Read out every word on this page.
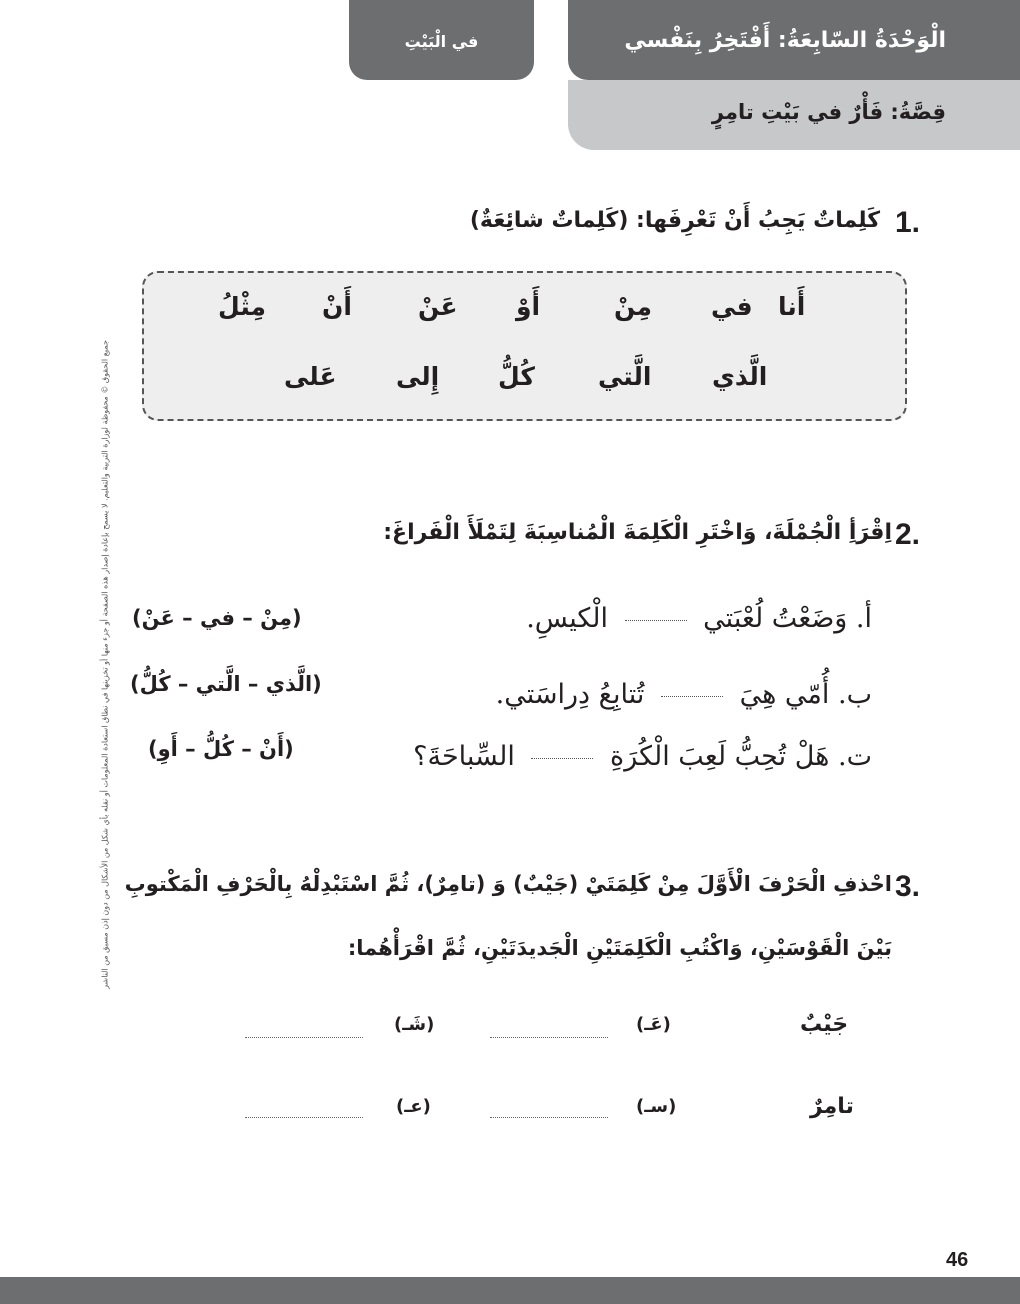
الْوَحْدَةُ السّابِعَةُ: أَفْتَخِرُ بِنَفْسي
قِصَّةُ: فَأْرٌ في بَيْتِ تامِرٍ
في الْبَيْتِ
جميع الحقوق © محفوظة لوزارة التربية والتعليم. لا يسمح بإعادة إصدار هذه الصفحة أو جزء منها أو تخزينها في نطاق استعادة المعلومات أو نقله بأي شكل من الأشكال من دون إذن مسبق من الناشر
1.
كَلِماتٌ يَجِبُ أَنْ تَعْرِفَها: (كَلِماتٌ شائِعَةٌ)
أَنا
في
مِنْ
أَوْ
عَنْ
أَنْ
مِثْلُ
الَّذي
الَّتي
كُلُّ
إِلى
عَلى
2.
اِقْرَأِ الْجُمْلَةَ، وَاخْتَرِ الْكَلِمَةَ الْمُناسِبَةَ لِتَمْلَأَ الْفَراغَ:
أ. وَضَعْتُ لُعْبَتي  الْكيسِ.
(مِنْ – في – عَنْ)
ب. أُمّي هِيَ  تُتابِعُ دِراسَتي.
(الَّذي – الَّتي – كُلُّ)
ت. هَلْ تُحِبُّ لَعِبَ الْكُرَةِ  السِّباحَةَ؟
(أَنْ – كُلُّ – أَوِ)
3.
احْذفِ الْحَرْفَ الْأَوَّلَ مِنْ كَلِمَتَيْ (جَيْبٌ) وَ (تامِرٌ)، ثُمَّ اسْتَبْدِلْهُ بِالْحَرْفِ الْمَكْتوبِ
بَيْنَ الْقَوْسَيْنِ، وَاكْتُبِ الْكَلِمَتَيْنِ الْجَديدَتَيْنِ، ثُمَّ اقْرَأْهُما:
جَيْبٌ
(عَـ)
(شَـ)
تامِرٌ
(سـ)
(عـ)
46
